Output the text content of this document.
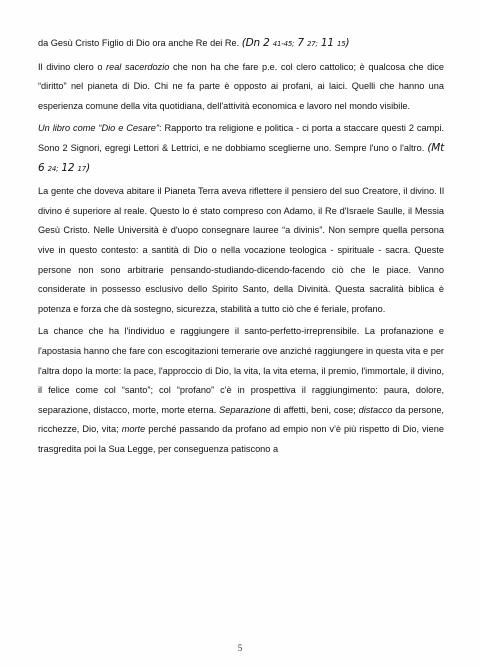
da Gesù Cristo Figlio di Dio ora anche Re dei Re. (Dn 2 41-45; 7 27; 11 15)

Il divino clero o real sacerdozio che non ha che fare p.e. col clero cattolico; è qualcosa che dice “diritto” nel pianeta di Dio. Chi ne fa parte è opposto ai profani, ai laici. Quelli che hanno una esperienza comune della vita quotidiana, dell'attività economica e lavoro nel mondo visibile.

Un libro come “Dio e Cesare”: Rapporto tra religione e politica - ci porta a staccare questi 2 campi. Sono 2 Signori, egregi Lettori & Lettrici, e ne dobbiamo sceglierne uno. Sempre l'uno o l'altro. (Mt 6 24; 12 17)

La gente che doveva abitare il Pianeta Terra aveva riflettere il pensiero del suo Creatore, il divino. Il divino é superiore al reale. Questo lo é stato compreso con Adamo, il Re d'Israele Saulle, il Messia Gesù Cristo. Nelle Università è d'uopo consegnare lauree “a divinis”. Non sempre quella persona vive in questo contesto: a santità di Dio o nella vocazione teologica - spirituale - sacra. Queste persone non sono arbitrarie pensando-studiando-dicendo-facendo ciò che le piace. Vanno considerate in possesso esclusivo dello Spirito Santo, della Divinità. Questa sacralità biblica è potenza e forza che dà sostegno, sicurezza, stabilità a tutto ciò che é feriale, profano.

La chance che ha l'individuo e raggiungere il santo-perfetto-irreprensibile. La profanazione e l'apostasia hanno che fare con escogitazioni temerarie ove anziché raggiungere in questa vita e per l'altra dopo la morte: la pace, l'approccio di Dio, la vita, la vita eterna, il premio, l'immortale, il divino, il felice come col “santo”; col “profano” c'è in prospettiva il raggiungimento: paura, dolore, separazione, distacco, morte, morte eterna. Separazione di affetti, beni, cose; distacco da persone, ricchezze, Dio, vita; morte perché passando da profano ad empio non v'è più rispetto di Dio, viene trasgredita poi la Sua Legge, per conseguenza patiscono a

5
